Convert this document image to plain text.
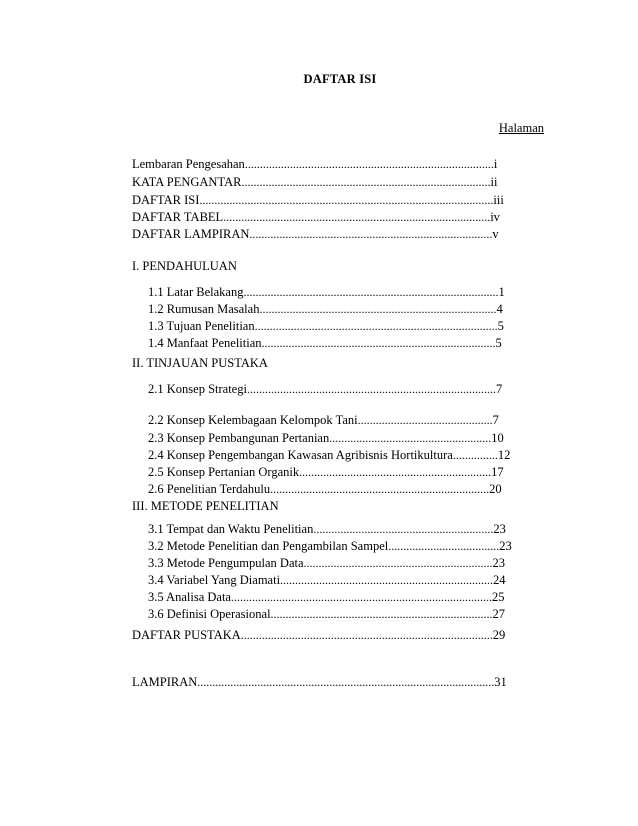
DAFTAR ISI
Halaman
Lembaran Pengesahan...................................................................................i
KATA PENGANTAR...................................................................................ii
DAFTAR ISI..................................................................................................iii
DAFTAR TABEL.........................................................................................iv
DAFTAR LAMPIRAN.................................................................................v
I. PENDAHULUAN
1.1 Latar Belakang.....................................................................................1
1.2 Rumusan Masalah...............................................................................4
1.3 Tujuan Penelitian.................................................................................5
1.4 Manfaat Penelitian..............................................................................5
II. TINJAUAN PUSTAKA
2.1 Konsep Strategi...................................................................................7
2.2 Konsep Kelembagaan Kelompok Tani.............................................7
2.3 Konsep Pembangunan Pertanian......................................................10
2.4 Konsep Pengembangan Kawasan Agribisnis Hortikultura...............12
2.5 Konsep Pertanian Organik................................................................17
2.6 Penelitian Terdahulu.........................................................................20
III. METODE PENELITIAN
3.1 Tempat dan Waktu Penelitian............................................................23
3.2 Metode Penelitian dan Pengambilan Sampel.....................................23
3.3 Metode Pengumpulan Data...............................................................23
3.4 Variabel Yang Diamati.......................................................................24
3.5 Analisa Data.......................................................................................25
3.6 Definisi Operasional..........................................................................27
DAFTAR PUSTAKA....................................................................................29
LAMPIRAN...................................................................................................31
